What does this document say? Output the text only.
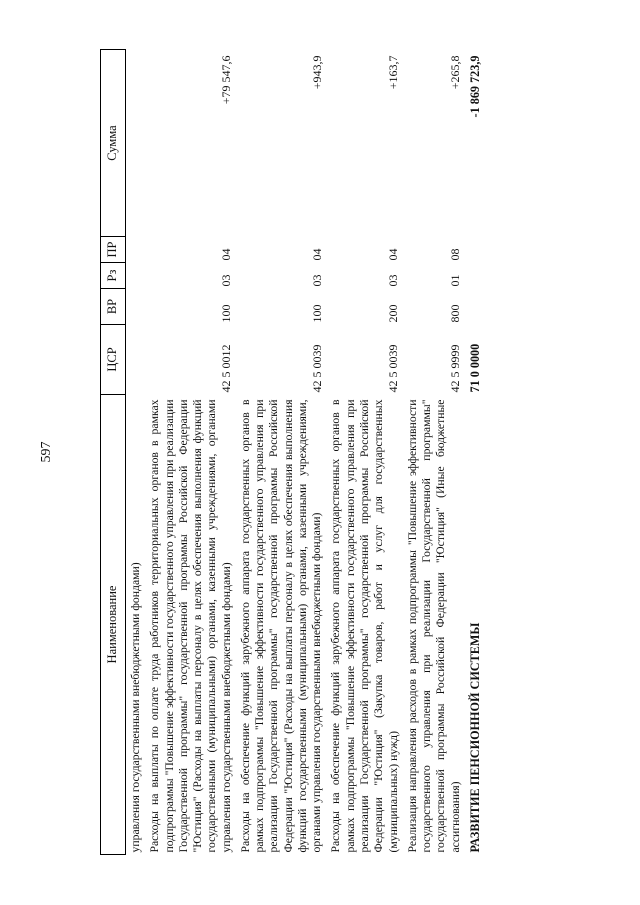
597
Наименование	ЦСР	ВР	Рз	ПР	Сумма
управления государственными внебюджетными фондами)					
Расходы на выплаты по оплате труда работников территориальных органов в рамках подпрограммы "Повышение эффективности государственного управления при реализации Государственной программы" государственной программы Российской Федерации "Юстиция" (Расходы на выплаты персоналу в целях обеспечения выполнения функций государственными (муниципальными) органами, казенными учреждениями, органами управления государственными внебюджетными фондами)	42 5 0012	100	03	04	+79 547,6
Расходы на обеспечение функций зарубежного аппарата государственных органов в рамках подпрограммы "Повышение эффективности государственного управления при реализации Государственной программы" государственной программы Российской Федерации "Юстиция" (Расходы на выплаты персоналу в целях обеспечения выполнения функций государственными (муниципальными) органами, казенными учреждениями, органами управления государственными внебюджетными фондами)	42 5 0039	100	03	04	+943,9
Расходы на обеспечение функций зарубежного аппарата государственных органов в рамках подпрограммы "Повышение эффективности государственного управления при реализации Государственной программы" государственной программы Российской Федерации "Юстиция" (Закупка товаров, работ и услуг для государственных (муниципальных) нужд)	42 5 0039	200	03	04	+163,7
Реализация направления расходов в рамках подпрограммы "Повышение эффективности государственного управления при реализации Государственной программы" государственной программы Российской Федерации "Юстиция" (Иные бюджетные ассигнования)	42 5 9999	800	01	08	+265,8
РАЗВИТИЕ ПЕНСИОННОЙ СИСТЕМЫ	71 0 0000				-1 869 723,9
